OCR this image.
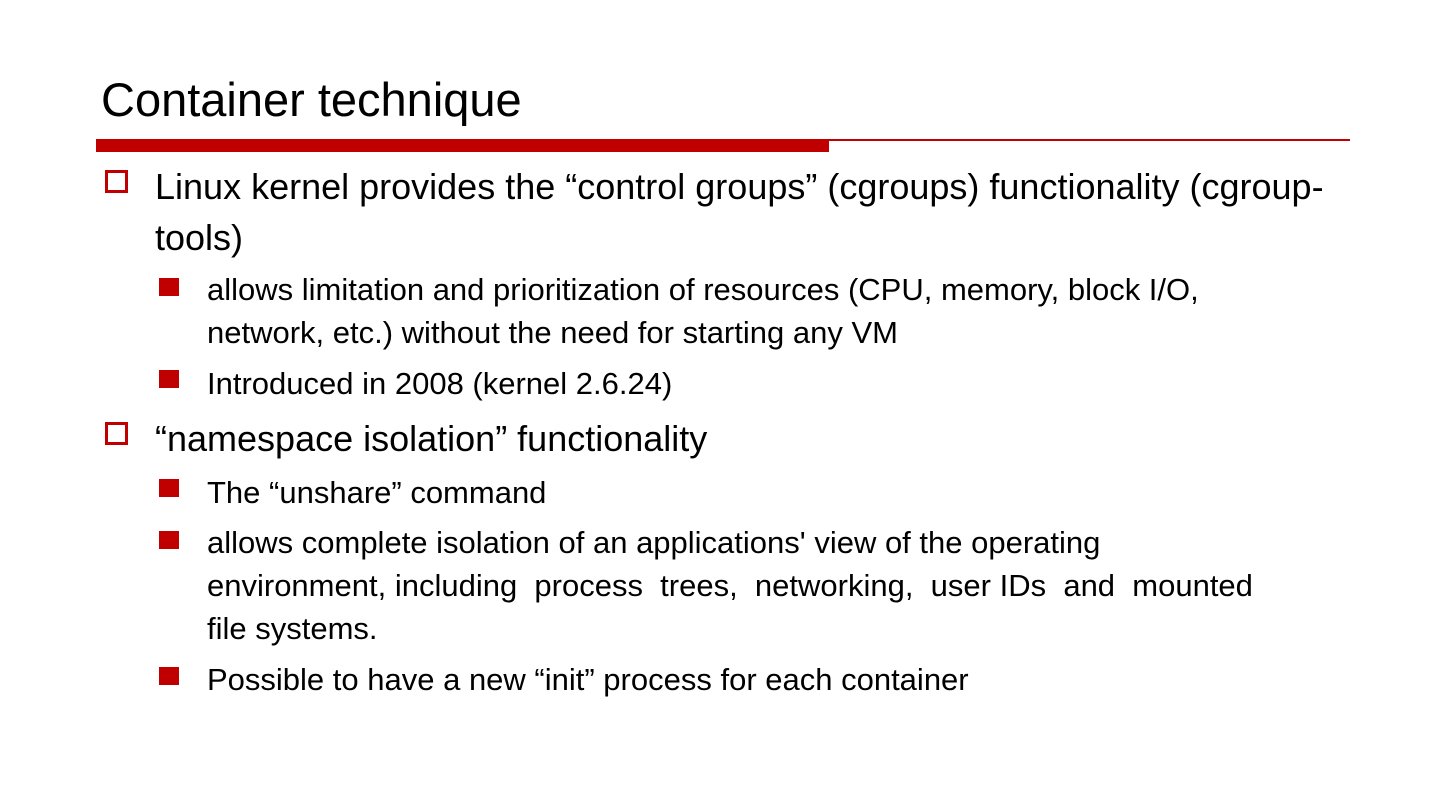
Container technique
Linux kernel provides the “control groups” (cgroups) functionality (cgroup-tools)
allows limitation and prioritization of resources (CPU, memory, block I/O, network, etc.) without the need for starting any VM
Introduced in 2008 (kernel 2.6.24)
“namespace isolation” functionality
The “unshare” command
allows complete isolation of an applications' view of the operating environment, including  process  trees,  networking,  user IDs  and  mounted  file systems.
Possible to have a new “init” process for each container
